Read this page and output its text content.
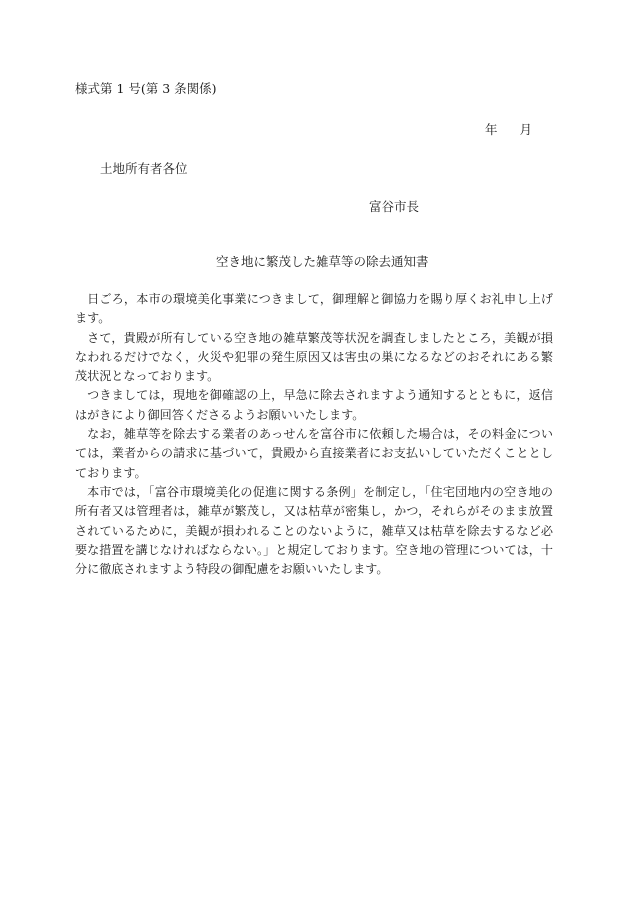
様式第 1 号(第 3 条関係)
年 月
土地所有者各位
富谷市長
空き地に繁茂した雑草等の除去通知書

日ごろ，本市の環境美化事業につきまして，御理解と御協力を賜り厚くお礼申し上げます。

さて，貴殿が所有している空き地の雑草繁茂等状況を調査しましたところ，美観が損なわれるだけでなく，火災や犯罪の発生原因又は害虫の巣になるなどのおそれにある繁茂状況となっております。

つきましては，現地を御確認の上，早急に除去されますよう通知するとともに，返信はがきにより御回答くださるようお願いいたします。

なお，雑草等を除去する業者のあっせんを富谷市に依頼した場合は，その料金については，業者からの請求に基づいて，貴殿から直接業者にお支払いしていただくこととしております。

本市では，「富谷市環境美化の促進に関する条例」を制定し，「住宅団地内の空き地の所有者又は管理者は，雑草が繁茂し，又は枯草が密集し，かつ，それらがそのまま放置されているために，美観が損われることのないように，雑草又は枯草を除去するなど必要な措置を講じなければならない。」と規定しております。空き地の管理については，十分に徹底されますよう特段の御配慮をお願いいたします。
